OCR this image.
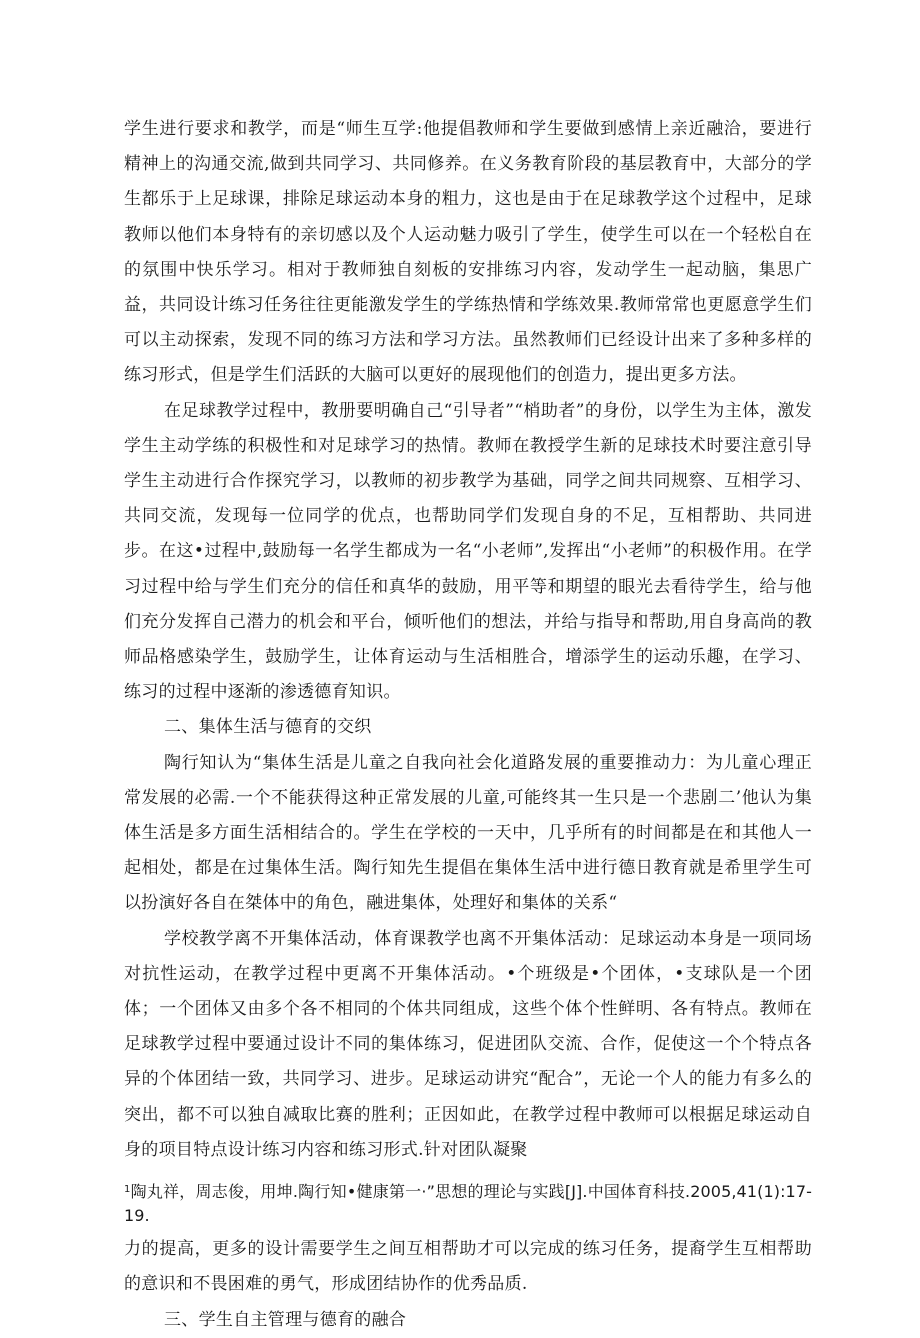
学生进行要求和教学，而是“师生互学:他提倡教师和学生要做到感情上亲近融洽，要进行精神上的沟通交流,做到共同学习、共同修养。在义务教育阶段的基层教育中，大部分的学生都乐于上足球课，排除足球运动本身的粗力，这也是由于在足球教学这个过程中，足球教师以他们本身特有的亲切感以及个人运动魅力吸引了学生，使学生可以在一个轻松自在的氛围中快乐学习。相对于教师独自刻板的安排练习内容，发动学生一起动脑，集思广益，共同设计练习任务往往更能激发学生的学练热情和学练效果.教师常常也更愿意学生们可以主动探索，发现不同的练习方法和学习方法。虽然教师们已经设计出来了多种多样的练习形式，但是学生们活跃的大脑可以更好的展现他们的创造力，提出更多方法。

在足球教学过程中，教册要明确自己“引导者”“梢助者”的身份，以学生为主体，激发学生主动学练的积极性和对足球学习的热情。教师在教授学生新的足球技术时要注意引导学生主动进行合作探究学习，以教师的初步教学为基础，同学之间共同规察、互相学习、共同交流，发现每一位同学的优点，也帮助同学们发现自身的不足，互相帮助、共同进步。在这•过程中,鼓励每一名学生都成为一名“小老师”,发挥出“小老师”的积极作用。在学习过程中给与学生们充分的信任和真华的鼓励，用平等和期望的眼光去看待学生，给与他们充分发挥自己潜力的机会和平台，倾听他们的想法，并给与指导和帮助,用自身高尚的教师品格感染学生，鼓励学生，让体育运动与生活相胜合，增添学生的运动乐趣，在学习、练习的过程中逐渐的渗透德育知识。

二、集体生活与德育的交织

陶行知认为“集体生活是儿童之自我向社会化道路发展的重要推动力：为儿童心理正常发展的必需.一个不能获得这种正常发展的儿童,可能终其一生只是一个悲剧二’他认为集体生活是多方面生活相结合的。学生在学校的一天中，几乎所有的时间都是在和其他人一起相处，都是在过集体生活。陶行知先生提倡在集体生活中进行德日教育就是希里学生可以扮演好各自在桀体中的角色，融进集体，处理好和集体的关系“

学校教学离不开集体活动，体育课教学也离不开集体活动：足球运动本身是一项同场对抗性运动，在教学过程中更离不开集体活动。•个班级是•个团体，•支球队是一个团体；一个团体又由多个各不相同的个体共同组成，这些个体个性鲜明、各有特点。教师在足球教学过程中要通过设计不同的集体练习，促进团队交流、合作，促使这一个个特点各异的个体团结一致，共同学习、进步。足球运动讲究“配合”，无论一个人的能力有多么的突出，都不可以独自减取比赛的胜利；正因如此，在教学过程中教师可以根据足球运动自身的项目特点设计练习内容和练习形式.针对团队凝聚

$^1$陶丸祥，周志俊，用坤.陶行知•健康第一·”思想的理论与实践[J].中国体育科技.2005,41(1):17-19.

力的提高，更多的设计需要学生之间互相帮助才可以完成的练习任务，提裔学生互相帮助的意识和不畏困难的勇气，形成团结协作的优秀品质.

三、学生自主管理与德育的融合
